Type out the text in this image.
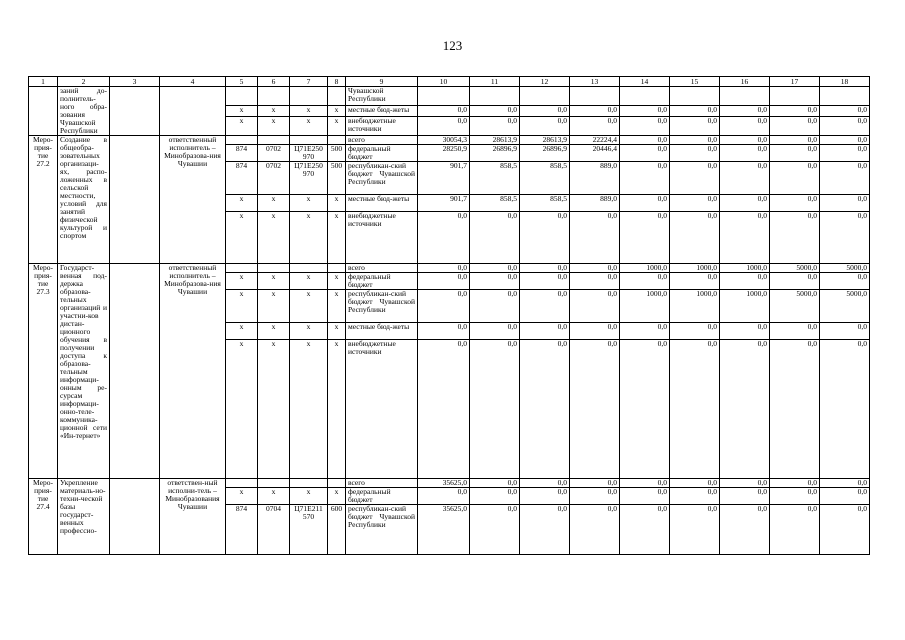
123
1	2	3	4	5	6	7	8	9	10	11	12	13	14	15	16	17	18
	заний до-полнитель-ного обра-зования Чувашской Республики							Чувашской Республики									
				x	x	x	x	местные бюд-жеты	0,0	0,0	0,0	0,0	0,0	0,0	0,0	0,0	0,0
				x	x	x	x	внебюджетные источники	0,0	0,0	0,0	0,0	0,0	0,0	0,0	0,0	0,0
Меро-прия-тие 27.2	Создание в общеобра-зовательных организаци-ях, распо-ложенных в сельской местности, условий для занятий физической культурой и спортом		ответственный исполнитель – Минобразова-ния Чувашии					всего	30054,3	28613,9	28613,9	22224,4	0,0	0,0	0,0	0,0	0,0
				874	0702	Ц71Е250 970	500	федеральный бюджет	28250,9	26896,9	26896,9	20446,4	0,0	0,0	0,0	0,0	0,0
				874	0702	Ц71Е250 970	500	республикан-ский бюджет Чувашской Республики	901,7	858,5	858,5	889,0	0,0	0,0	0,0	0,0	0,0
				x	x	x	x	местные бюд-жеты	901,7	858,5	858,5	889,0	0,0	0,0	0,0	0,0	0,0
				x	x	x	x	внебюджетные источники	0,0	0,0	0,0	0,0	0,0	0,0	0,0	0,0	0,0
Меро-прия-тие 27.3	Государст-венная под-держка образова-тельных организаций и участни-ков дистан-ционного обучения в получении доступа к образова-тельным информаци-онным ре-сурсам информаци-онно-теле-коммуника-ционной сети «Ин-тернет»		ответственный исполнитель – Минобразова-ния Чувашии					всего	0,0	0,0	0,0	0,0	1000,0	1000,0	1000,0	5000,0	5000,0
				x	x	x	x	федеральный бюджет	0,0	0,0	0,0	0,0	0,0	0,0	0,0	0,0	0,0
				x	x	x	x	республикан-ский бюджет Чувашской Республики	0,0	0,0	0,0	0,0	1000,0	1000,0	1000,0	5000,0	5000,0
				x	x	x	x	местные бюд-жеты	0,0	0,0	0,0	0,0	0,0	0,0	0,0	0,0	0,0
				x	x	x	x	внебюджетные источники	0,0	0,0	0,0	0,0	0,0	0,0	0,0	0,0	0,0
Меро-прия-тие 27.4	Укрепление материаль-но-техни-ческой базы государст-венных профессио-		ответствен-ный исполни-тель – Минобразования Чувашии					всего	35625,0	0,0	0,0	0,0	0,0	0,0	0,0	0,0	0,0
				x	x	x	x	федеральный бюджет	0,0	0,0	0,0	0,0	0,0	0,0	0,0	0,0	0,0
				874	0704	Ц71Е211 570	600	республикан-ский бюджет Чувашской Республики	35625,0	0,0	0,0	0,0	0,0	0,0	0,0	0,0	0,0
